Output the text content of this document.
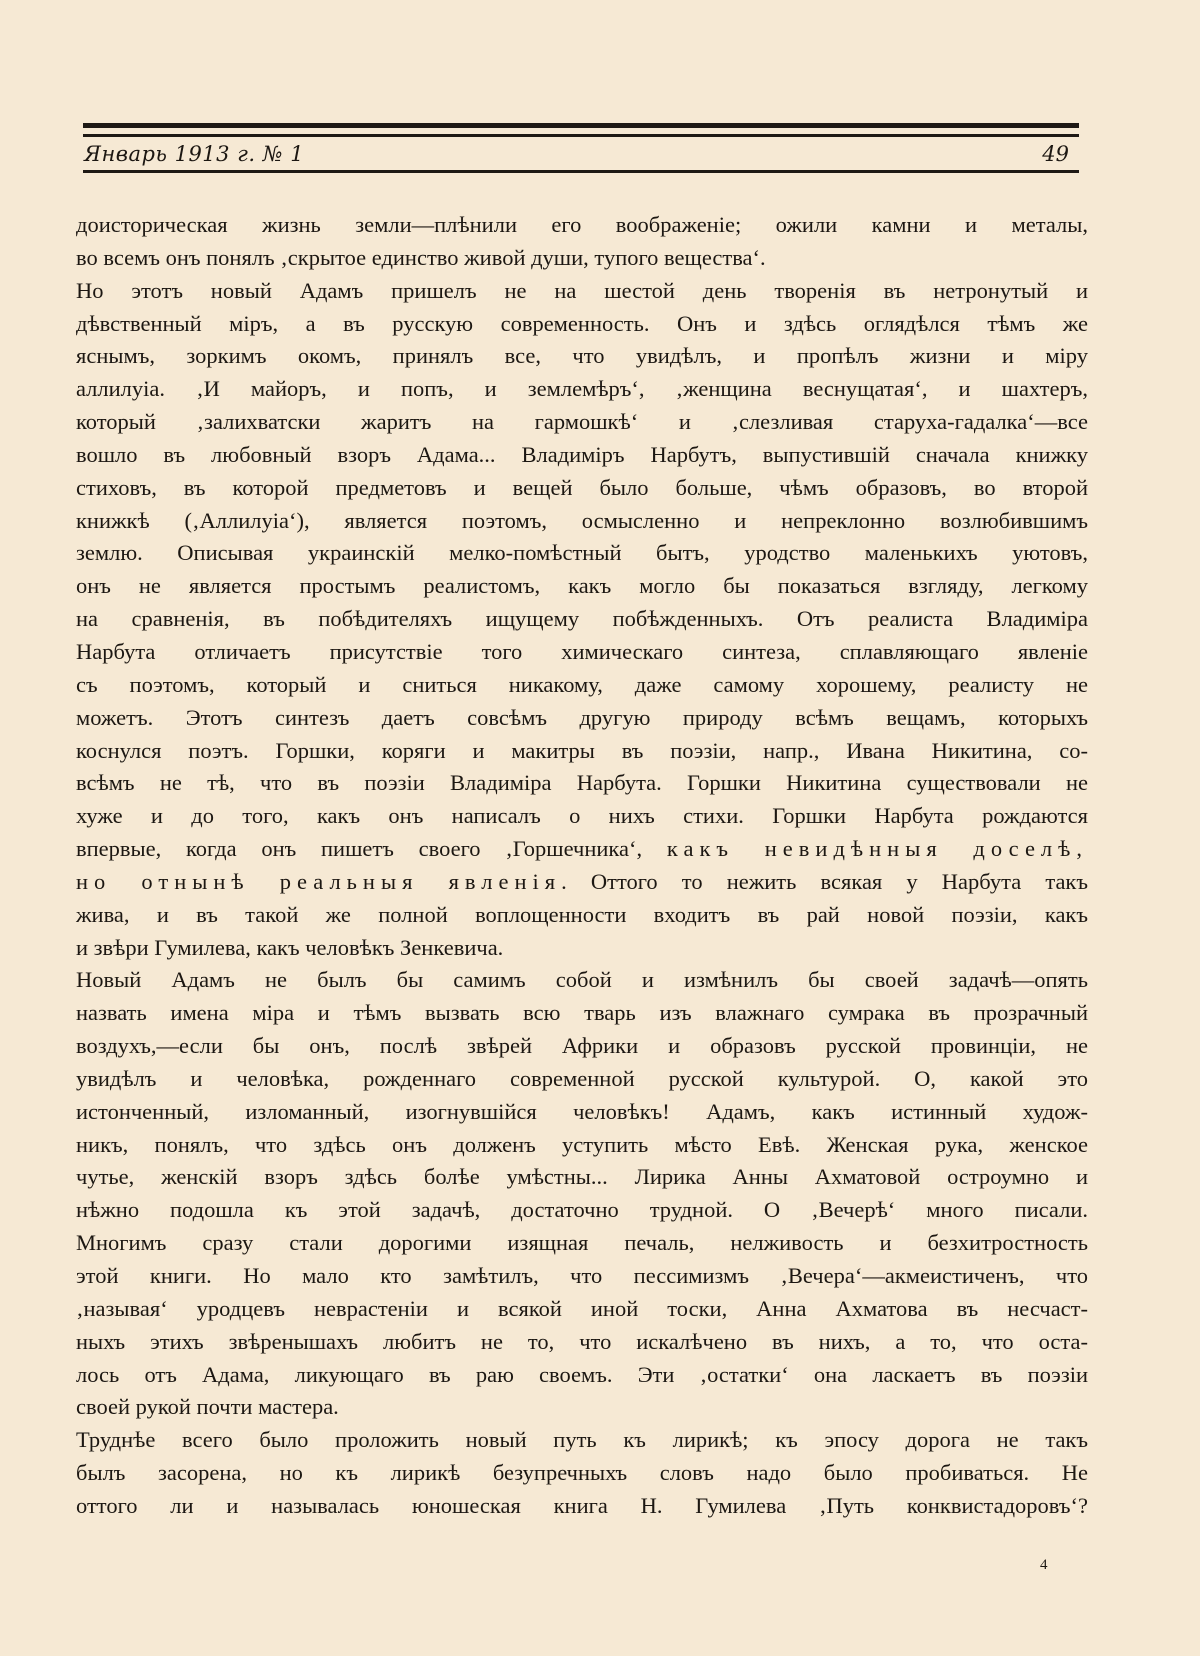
Январь 1913 г. № 1	49
доисторическая жизнь земли—плѣнили его воображеніе; ожили камни и металы,
во всемъ онъ понялъ ‚скрытое единство живой души, тупого вещества‘.
Но этотъ новый Адамъ пришелъ не на шестой день творенія въ нетронутый и
дѣвственный міръ, а въ русскую современность. Онъ и здѣсь оглядѣлся тѣмъ же
яснымъ, зоркимъ окомъ, принялъ все, что увидѣлъ, и пропѣлъ жизни и міру
аллилуіа. ‚И майоръ, и попъ, и землемѣръ‘, ‚женщина веснущатая‘, и шахтеръ,
который ‚залихватски жаритъ на гармошкѣ‘ и ‚слезливая старуха-гадалка‘—все
вошло въ любовный взоръ Адама... Владиміръ Нарбутъ, выпустившій сначала книжку
стиховъ, въ которой предметовъ и вещей было больше, чѣмъ образовъ, во второй
книжкѣ (‚Аллилуіа‘), является поэтомъ, осмысленно и непреклонно возлюбившимъ
землю. Описывая украинскій мелко-помѣстный бытъ, уродство маленькихъ уютовъ,
онъ не является простымъ реалистомъ, какъ могло бы показаться взгляду, легкому
на сравненія, въ побѣдителяхъ ищущему побѣжденныхъ. Отъ реалиста Владиміра
Нарбута отличаетъ присутствіе того химическаго синтеза, сплавляющаго явленіе
съ поэтомъ, который и сниться никакому, даже самому хорошему, реалисту не
можетъ. Этотъ синтезъ даетъ совсѣмъ другую природу всѣмъ вещамъ, которыхъ
коснулся поэтъ. Горшки, коряги и макитры въ поэзіи, напр., Ивана Никитина, со-
всѣмъ не тѣ, что въ поэзіи Владиміра Нарбута. Горшки Никитина существовали не
хуже и до того, какъ онъ написалъ о нихъ стихи. Горшки Нарбута рождаются
впервые, когда онъ пишетъ своего ‚Горшечника‘, какъ невидѣнныя доселѣ,
но отнынѣ реальныя явленія. Оттого то нежить всякая у Нарбута такъ
жива, и въ такой же полной воплощенности входитъ въ рай новой поэзіи, какъ
и звѣри Гумилева, какъ человѣкъ Зенкевича.
Новый Адамъ не былъ бы самимъ собой и измѣнилъ бы своей задачѣ—опять
назвать имена міра и тѣмъ вызвать всю тварь изъ влажнаго сумрака въ прозрачный
воздухъ,—если бы онъ, послѣ звѣрей Африки и образовъ русской провинціи, не
увидѣлъ и человѣка, рожденнаго современной русской культурой. О, какой это
истонченный, изломанный, изогнувшійся человѣкъ! Адамъ, какъ истинный худож-
никъ, понялъ, что здѣсь онъ долженъ уступить мѣсто Евѣ. Женская рука, женское
чутье, женскій взоръ здѣсь болѣе умѣстны... Лирика Анны Ахматовой остроумно и
нѣжно подошла къ этой задачѣ, достаточно трудной. О ‚Вечерѣ‘ много писали.
Многимъ сразу стали дорогими изящная печаль, нелживость и безхитростность
этой книги. Но мало кто замѣтилъ, что пессимизмъ ‚Вечера‘—акмеистиченъ, что
‚называя‘ уродцевъ неврастеніи и всякой иной тоски, Анна Ахматова въ несчаст-
ныхъ этихъ звѣренышахъ любитъ не то, что искалѣчено въ нихъ, а то, что оста-
лось отъ Адама, ликующаго въ раю своемъ. Эти ‚остатки‘ она ласкаетъ въ поэзіи
своей рукой почти мастера.
Труднѣе всего было проложить новый путь къ лирикѣ; къ эпосу дорога не такъ
былъ засорена, но къ лирикѣ безупречныхъ словъ надо было пробиваться. Не
оттого ли и называлась юношеская книга Н. Гумилева ‚Путь конквистадоровъ‘?
4
